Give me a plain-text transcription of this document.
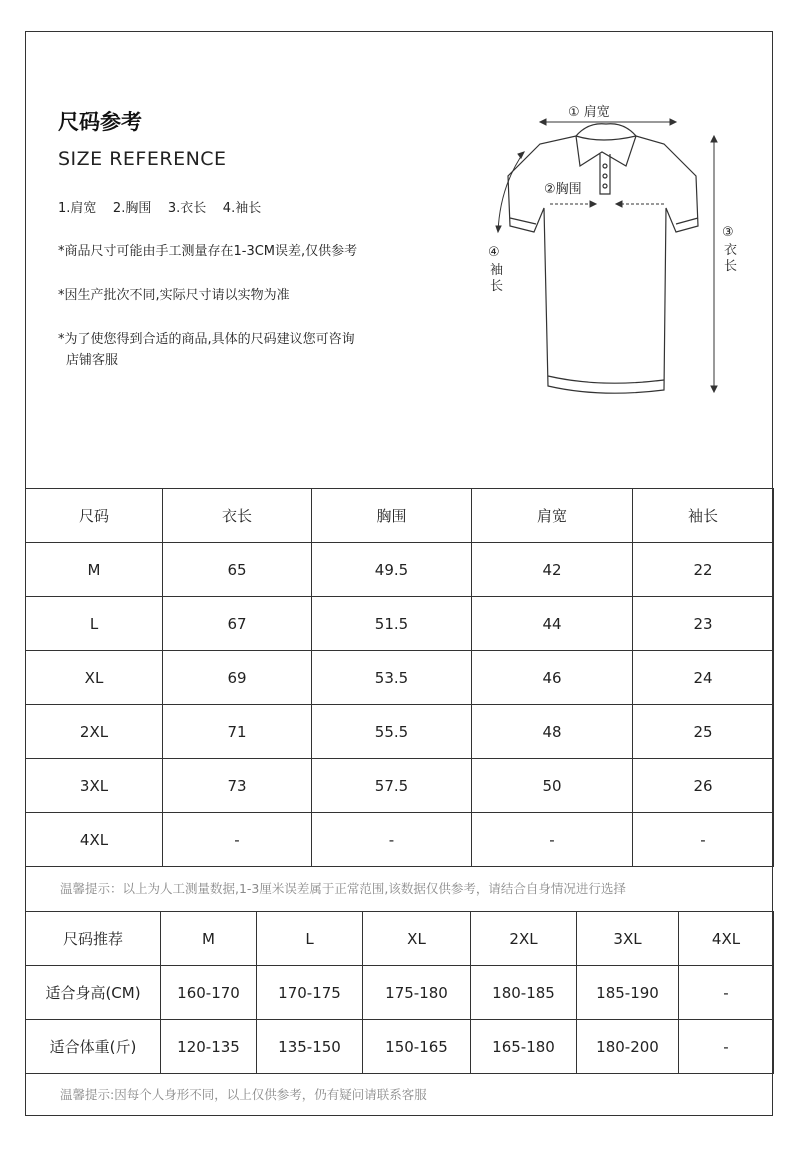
尺码参考
SIZE REFERENCE
1.肩宽    2.胸围    3.衣长    4.袖长
*商品尺寸可能由手工测量存在1-3CM误差,仅供参考
*因生产批次不同,实际尺寸请以实物为准
*为了使您得到合适的商品,具体的尺码建议您可咨询
店铺客服
① 肩宽
②胸围
③
衣
长
④
袖
长
尺码	衣长	胸围	肩宽	袖长
M	65	49.5	42	22
L	67	51.5	44	23
XL	69	53.5	46	24
2XL	71	55.5	48	25
3XL	73	57.5	50	26
4XL	-	-	-	-
温馨提示：以上为人工测量数据,1-3厘米误差属于正常范围,该数据仅供参考，请结合自身情况进行选择
尺码推荐	M	L	XL	2XL	3XL	4XL
适合身高(CM)	160-170	170-175	175-180	180-185	185-190	-
适合体重(斤)	120-135	135-150	150-165	165-180	180-200	-
温馨提示:因每个人身形不同，以上仅供参考，仍有疑问请联系客服
